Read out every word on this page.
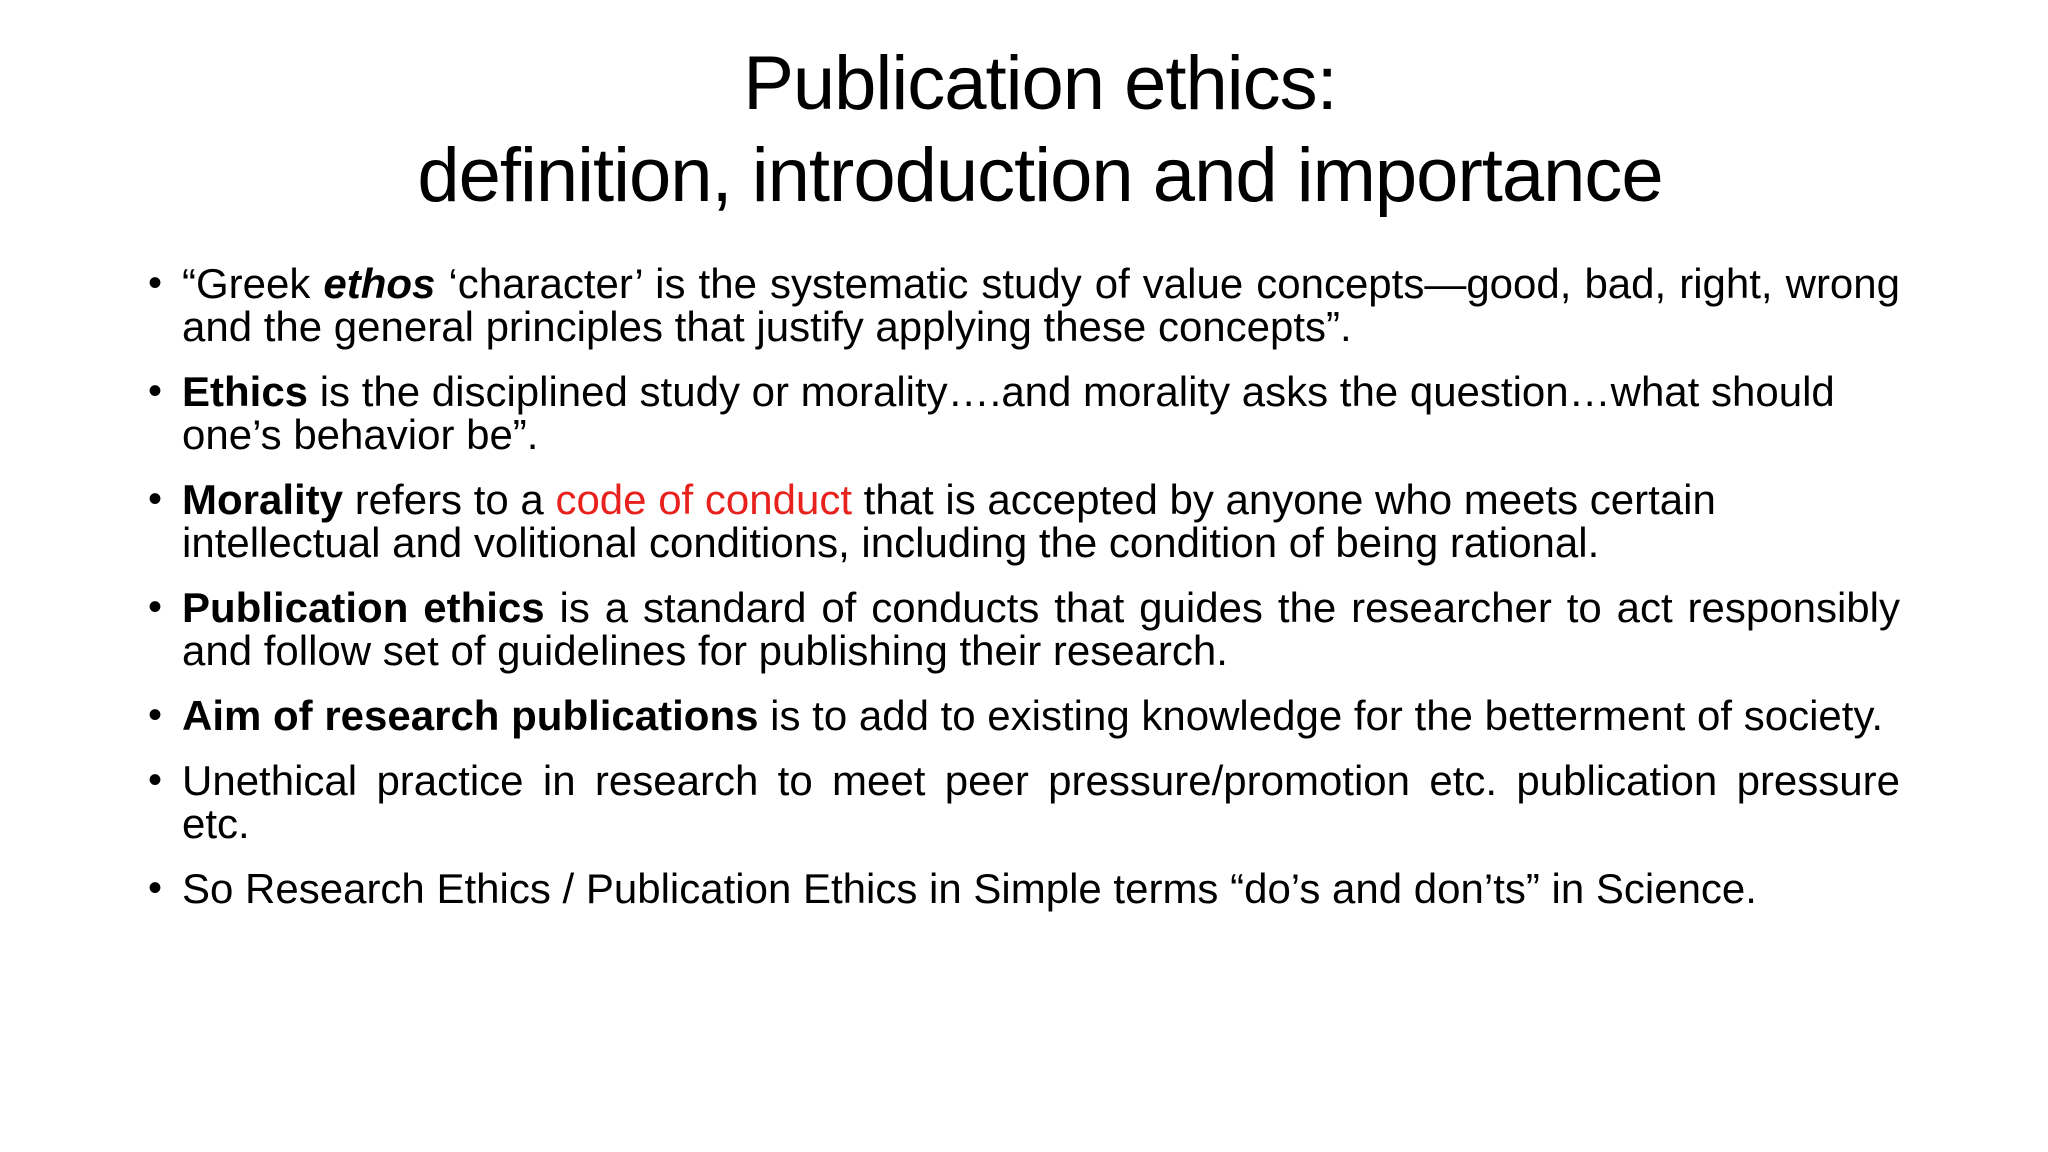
Publication ethics:
definition, introduction and importance
• “Greek ethos ‘character’ is the systematic study of value concepts—good, bad, right, wrong and the general principles that justify applying these concepts”.
• Ethics is the disciplined study or morality….and morality asks the question…what should one’s behavior be”.
• Morality refers to a code of conduct that is accepted by anyone who meets certain intellectual and volitional conditions, including the condition of being rational.
• Publication ethics is a standard of conducts that guides the researcher to act responsibly and follow set of guidelines for publishing their research.
• Aim of research publications is to add to existing knowledge for the betterment of society.
• Unethical practice in research to meet peer pressure/promotion etc. publication pressure etc.
• So Research Ethics / Publication Ethics in Simple terms “do’s and don’ts” in Science.
